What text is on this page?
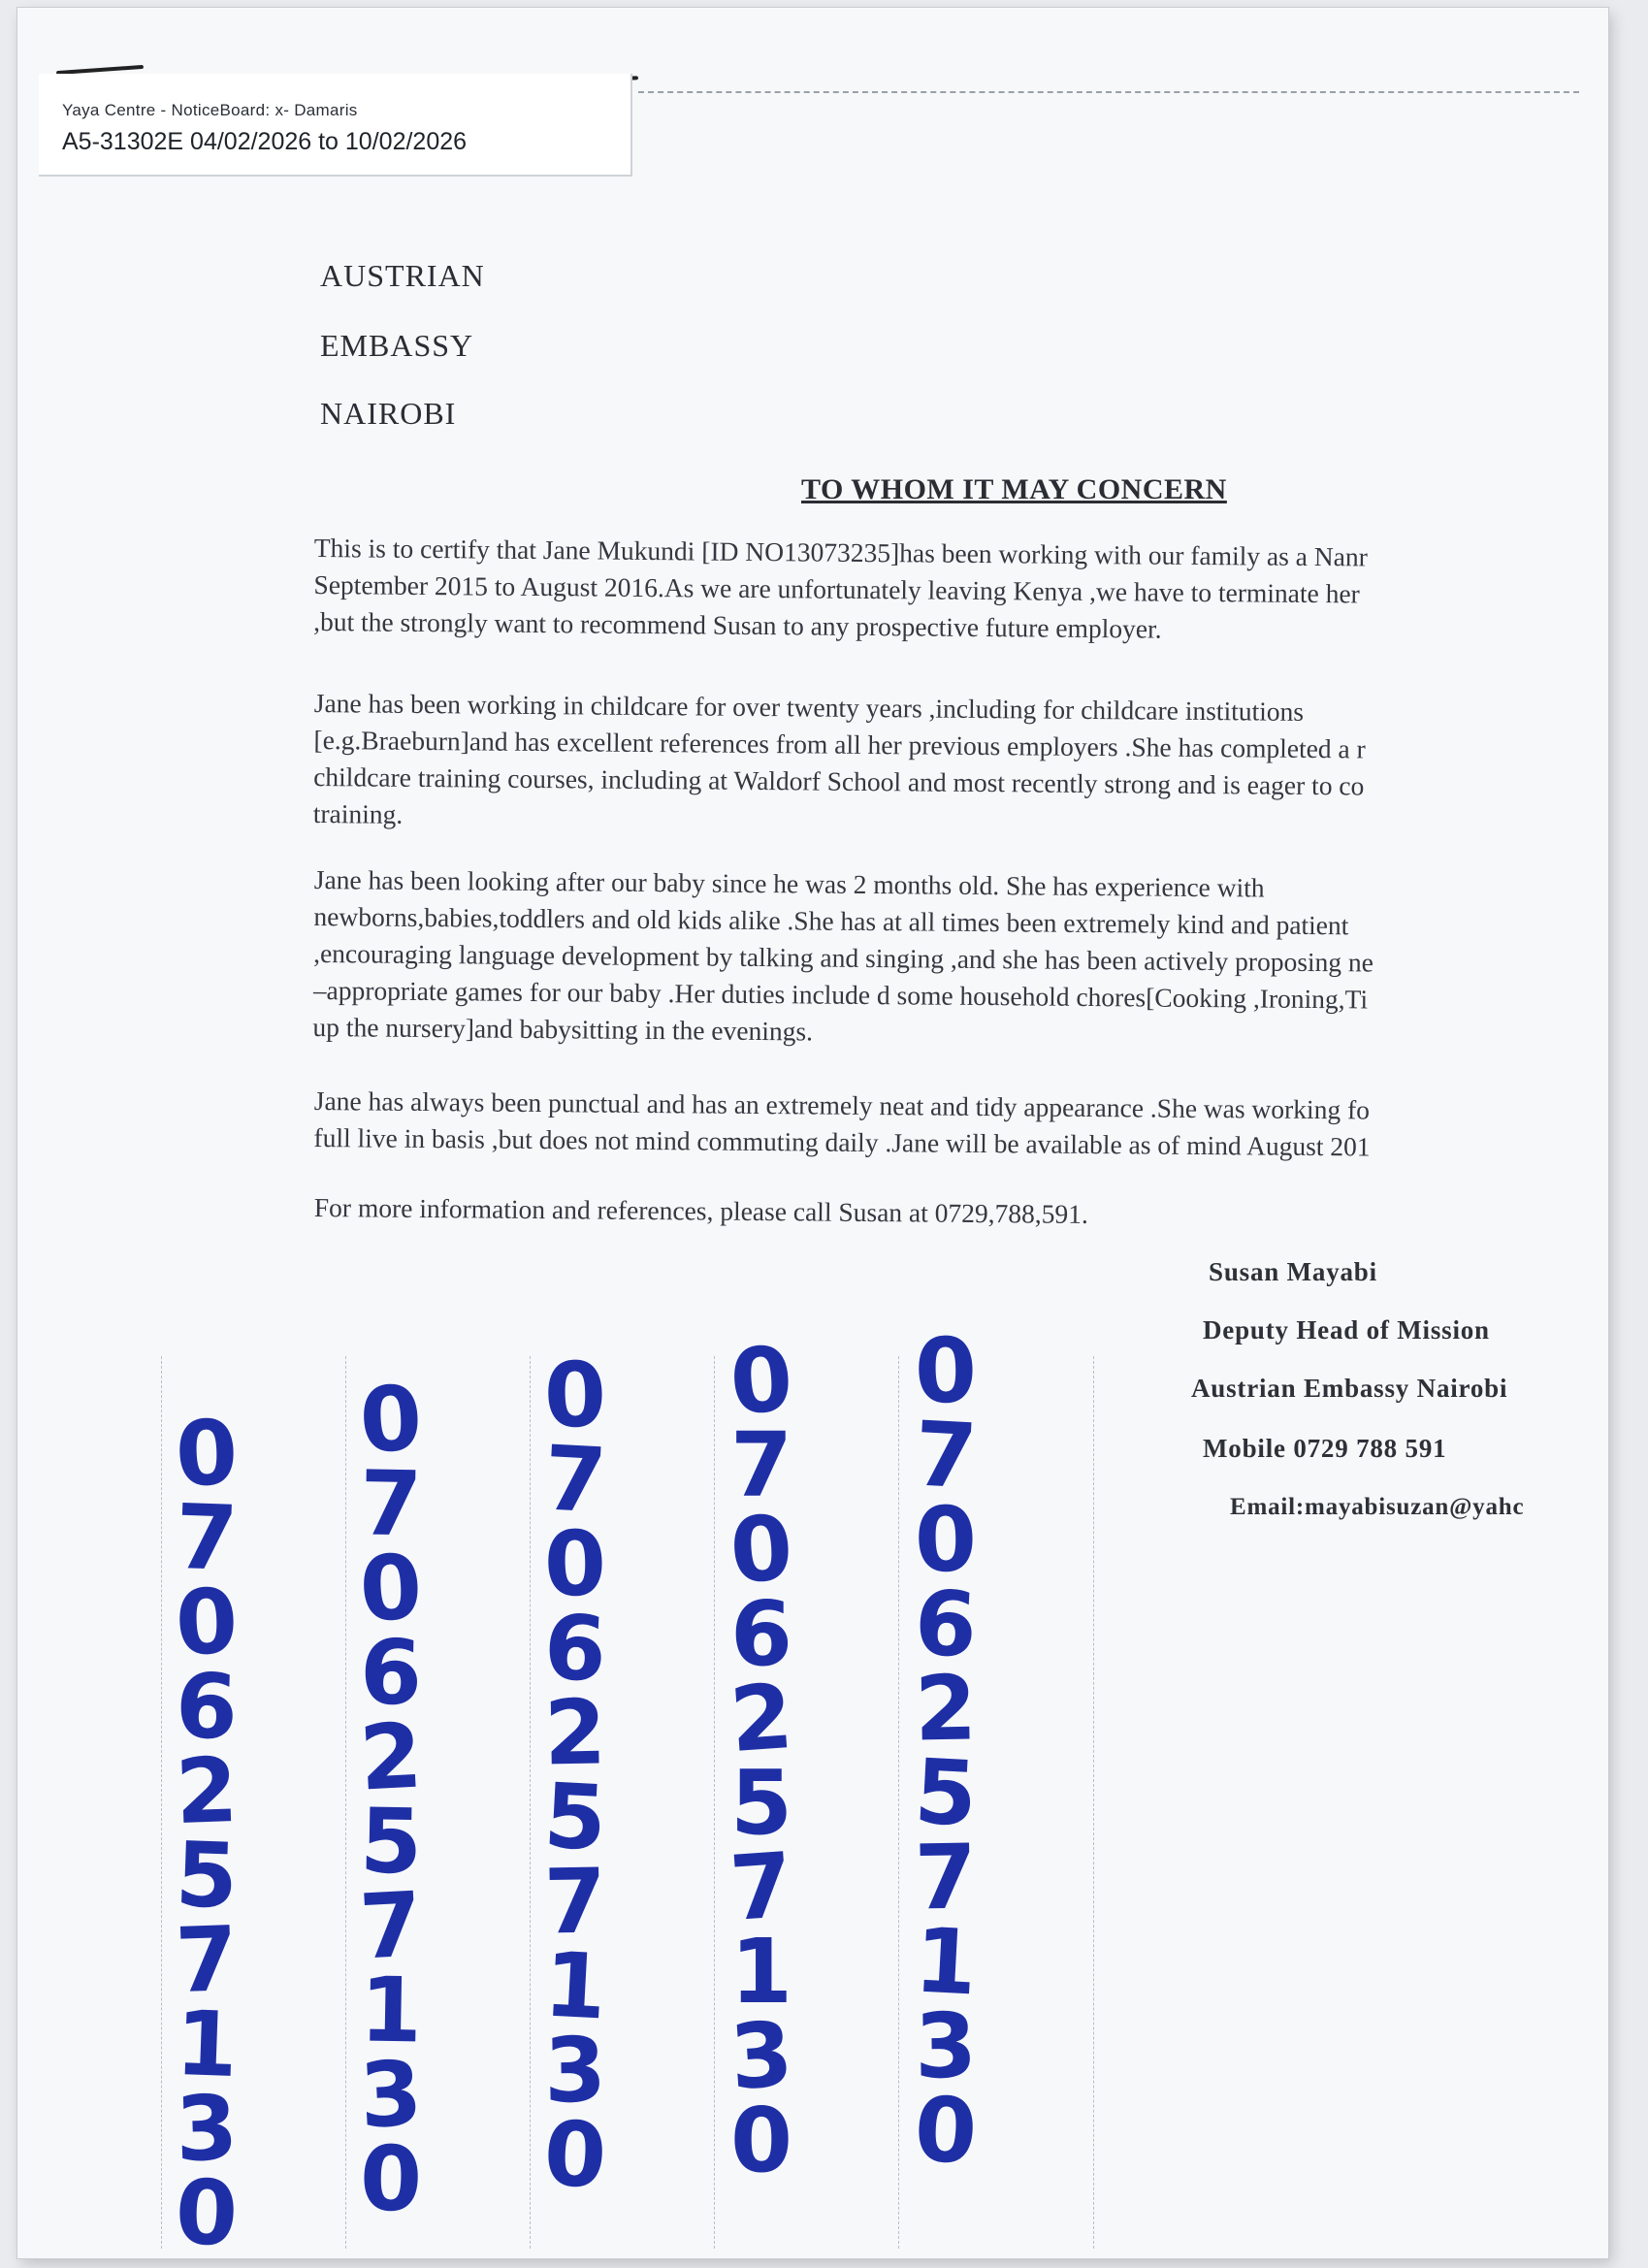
Yaya Centre - NoticeBoard: x- Damaris
A5-31302E 04/02/2026 to 10/02/2026
AUSTRIAN
EMBASSY
NAIROBI
TO WHOM IT MAY CONCERN

This is to certify that Jane Mukundi [ID NO13073235]has been working with our family as a Nanr

September 2015 to August 2016.As we are unfortunately leaving Kenya ,we have to terminate her

,but the strongly want to recommend Susan to any prospective future employer.

Jane has been working in childcare for over twenty years ,including for childcare institutions

[e.g.Braeburn]and has excellent references from all her previous employers .She has completed a r

childcare training courses, including at Waldorf School and most recently strong and is eager to co

training.

Jane has been looking after our baby since he was 2 months old. She has experience with

newborns,babies,toddlers and old kids alike .She has at all times been extremely kind and patient

,encouraging language development by talking and singing ,and she has been actively proposing ne

–appropriate games for our baby .Her duties include d some household chores[Cooking ,Ironing,Ti

up the nursery]and babysitting in the evenings.

Jane has always been punctual and has an extremely neat and tidy appearance .She was working fo

full live in basis ,but does not mind commuting daily .Jane will be available as of mind August 201

For more information and references, please call Susan at 0729,788,591.

Susan Mayabi
Deputy Head of Mission
Austrian Embassy Nairobi
Mobile 0729 788 591
Email:mayabisuzan@yahc
0
7
0
6
2
5
7
1
3
0
0
7
0
6
2
5
7
1
3
0
0
7
0
6
2
5
7
1
3
0
0
7
0
6
2
5
7
1
3
0
0
7
0
6
2
5
7
1
3
0
